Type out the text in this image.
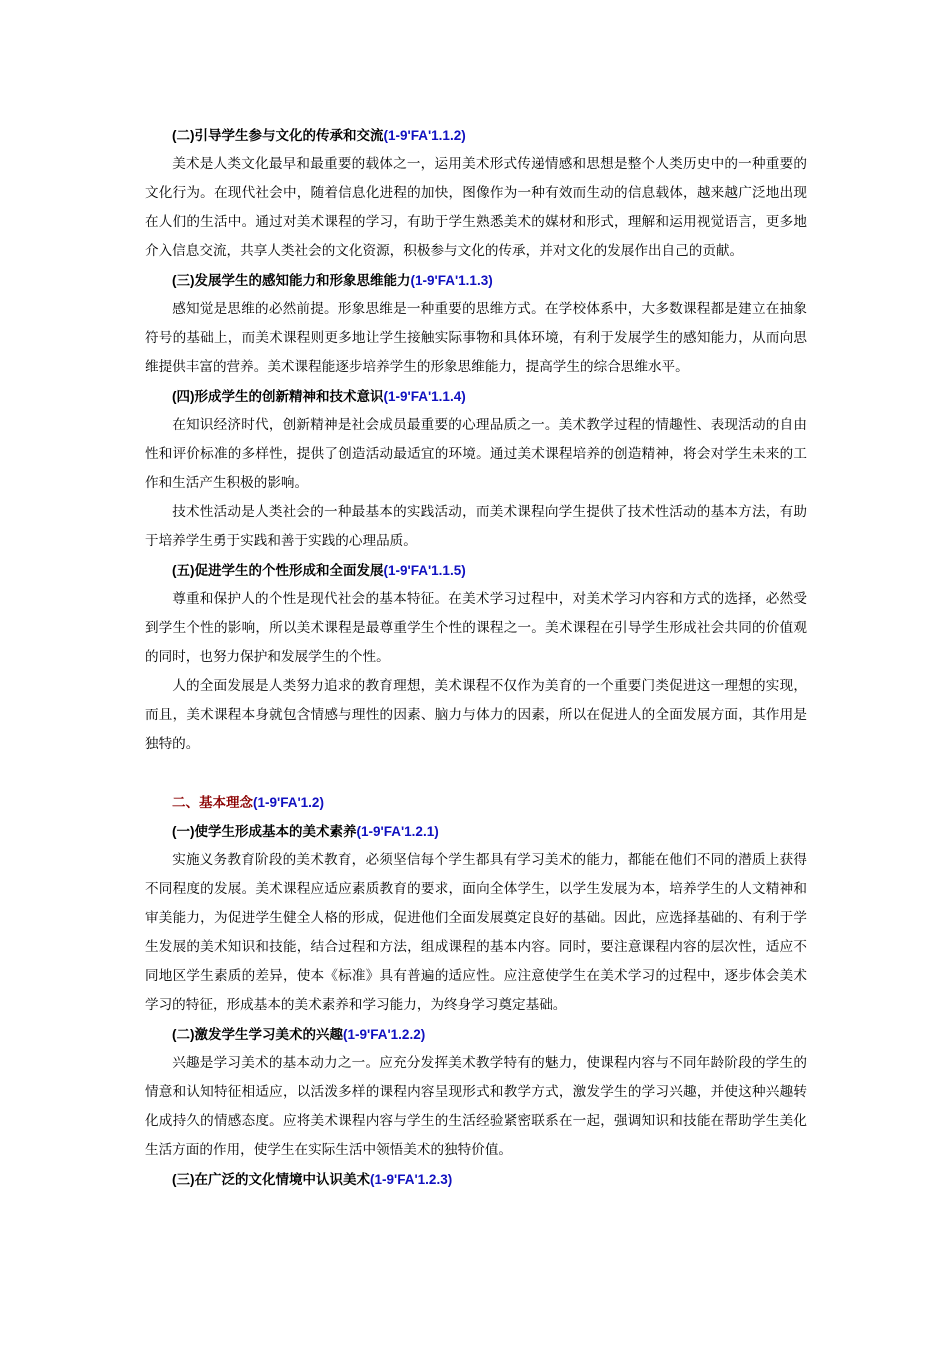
(二)引导学生参与文化的传承和交流(1-9'FA'1.1.2)

美术是人类文化最早和最重要的载体之一，运用美术形式传递情感和思想是整个人类历史中的一种重要的文化行为。在现代社会中，随着信息化进程的加快，图像作为一种有效而生动的信息载体，越来越广泛地出现在人们的生活中。通过对美术课程的学习，有助于学生熟悉美术的媒材和形式，理解和运用视觉语言，更多地介入信息交流，共享人类社会的文化资源，积极参与文化的传承，并对文化的发展作出自己的贡献。

(三)发展学生的感知能力和形象思维能力(1-9'FA'1.1.3)

感知觉是思维的必然前提。形象思维是一种重要的思维方式。在学校体系中，大多数课程都是建立在抽象符号的基础上，而美术课程则更多地让学生接触实际事物和具体环境，有利于发展学生的感知能力，从而向思维提供丰富的营养。美术课程能逐步培养学生的形象思维能力，提高学生的综合思维水平。

(四)形成学生的创新精神和技术意识(1-9'FA'1.1.4)

在知识经济时代，创新精神是社会成员最重要的心理品质之一。美术教学过程的情趣性、表现活动的自由性和评价标准的多样性，提供了创造活动最适宜的环境。通过美术课程培养的创造精神，将会对学生未来的工作和生活产生积极的影响。

技术性活动是人类社会的一种最基本的实践活动，而美术课程向学生提供了技术性活动的基本方法，有助于培养学生勇于实践和善于实践的心理品质。

(五)促进学生的个性形成和全面发展(1-9'FA'1.1.5)

尊重和保护人的个性是现代社会的基本特征。在美术学习过程中，对美术学习内容和方式的选择，必然受到学生个性的影响，所以美术课程是最尊重学生个性的课程之一。美术课程在引导学生形成社会共同的价值观的同时，也努力保护和发展学生的个性。

人的全面发展是人类努力追求的教育理想，美术课程不仅作为美育的一个重要门类促进这一理想的实现，而且，美术课程本身就包含情感与理性的因素、脑力与体力的因素，所以在促进人的全面发展方面，其作用是独特的。

二、基本理念(1-9'FA'1.2)
(一)使学生形成基本的美术素养(1-9'FA'1.2.1)

实施义务教育阶段的美术教育，必须坚信每个学生都具有学习美术的能力，都能在他们不同的潜质上获得不同程度的发展。美术课程应适应素质教育的要求，面向全体学生，以学生发展为本，培养学生的人文精神和审美能力，为促进学生健全人格的形成，促进他们全面发展奠定良好的基础。因此，应选择基础的、有利于学生发展的美术知识和技能，结合过程和方法，组成课程的基本内容。同时，要注意课程内容的层次性，适应不同地区学生素质的差异，使本《标准》具有普遍的适应性。应注意使学生在美术学习的过程中，逐步体会美术学习的特征，形成基本的美术素养和学习能力，为终身学习奠定基础。

(二)激发学生学习美术的兴趣(1-9'FA'1.2.2)

兴趣是学习美术的基本动力之一。应充分发挥美术教学特有的魅力，使课程内容与不同年龄阶段的学生的情意和认知特征相适应，以活泼多样的课程内容呈现形式和教学方式，激发学生的学习兴趣，并使这种兴趣转化成持久的情感态度。应将美术课程内容与学生的生活经验紧密联系在一起，强调知识和技能在帮助学生美化生活方面的作用，使学生在实际生活中领悟美术的独特价值。

(三)在广泛的文化情境中认识美术(1-9'FA'1.2.3)
